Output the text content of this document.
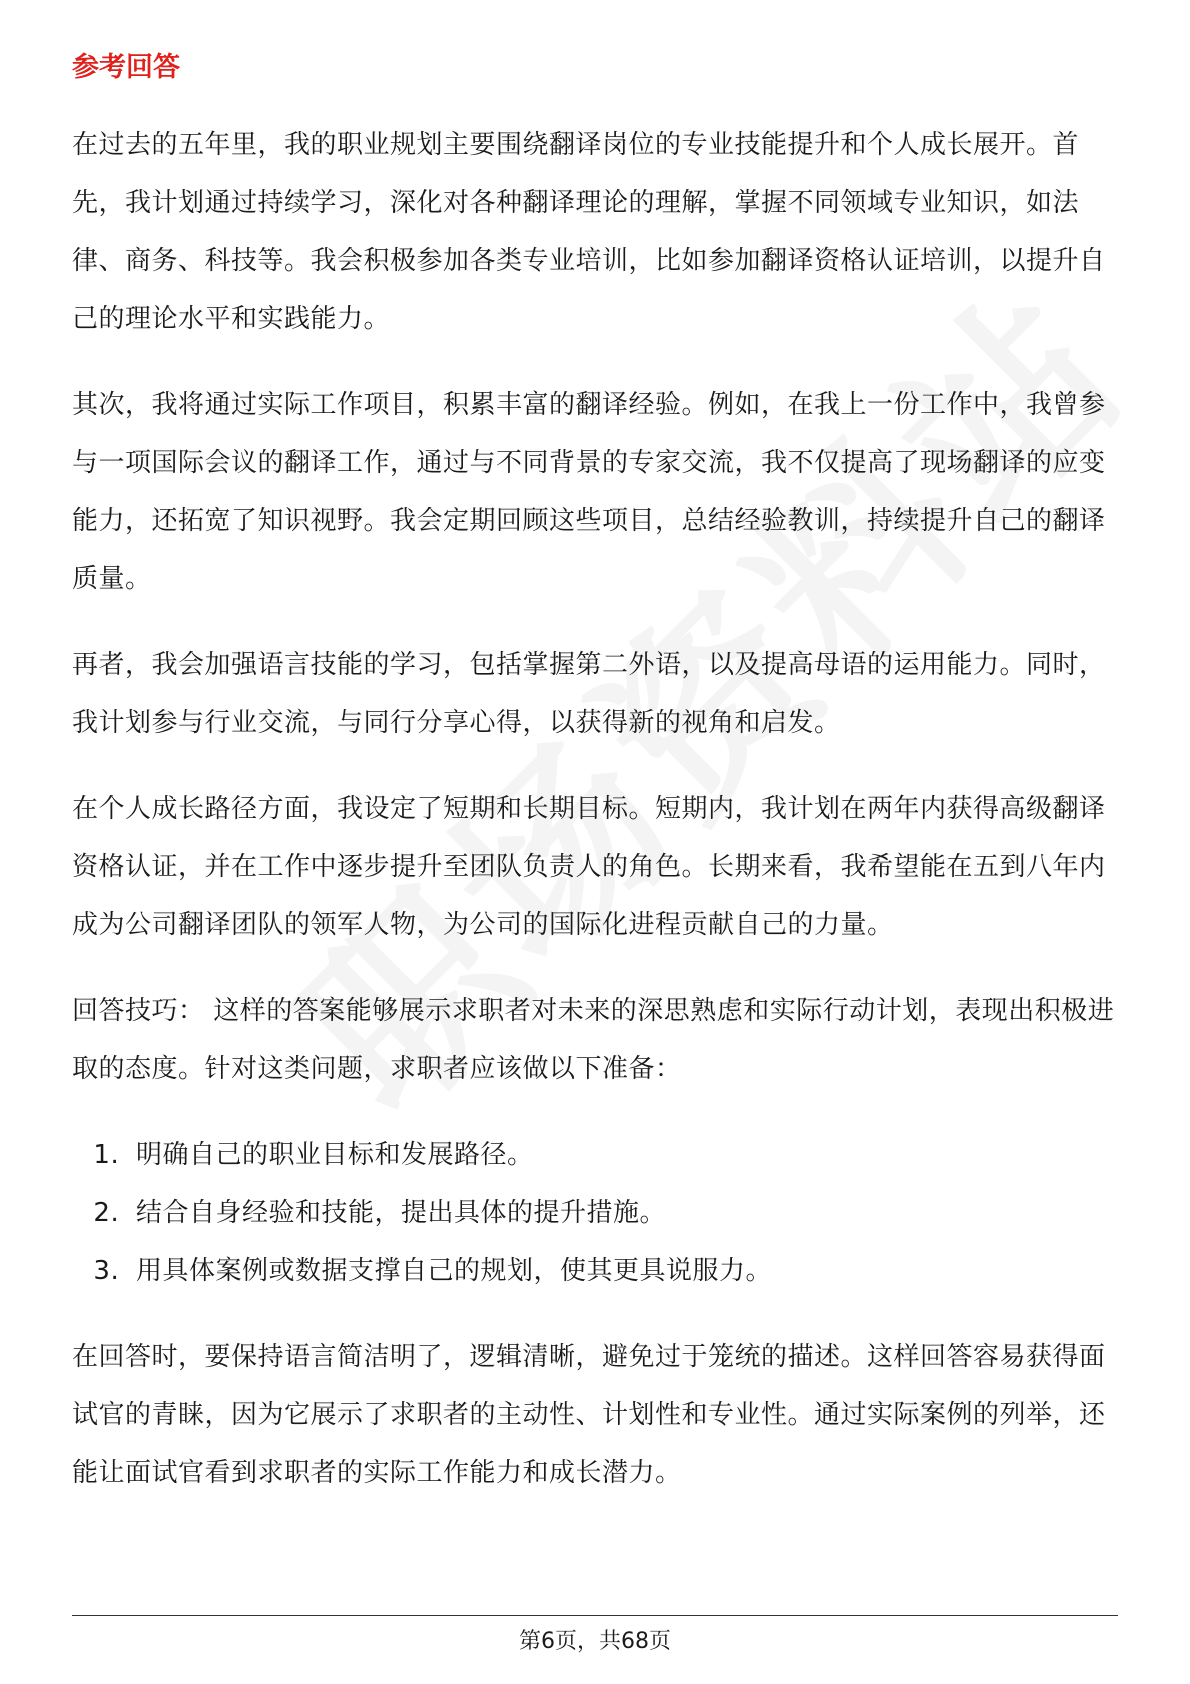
参考回答

在过去的五年里，我的职业规划主要围绕翻译岗位的专业技能提升和个人成长展开。首先，我计划通过持续学习，深化对各种翻译理论的理解，掌握不同领域专业知识，如法律、商务、科技等。我会积极参加各类专业培训，比如参加翻译资格认证培训，以提升自己的理论水平和实践能力。

其次，我将通过实际工作项目，积累丰富的翻译经验。例如，在我上一份工作中，我曾参与一项国际会议的翻译工作，通过与不同背景的专家交流，我不仅提高了现场翻译的应变能力，还拓宽了知识视野。我会定期回顾这些项目，总结经验教训，持续提升自己的翻译质量。

再者，我会加强语言技能的学习，包括掌握第二外语，以及提高母语的运用能力。同时，我计划参与行业交流，与同行分享心得，以获得新的视角和启发。

在个人成长路径方面，我设定了短期和长期目标。短期内，我计划在两年内获得高级翻译资格认证，并在工作中逐步提升至团队负责人的角色。长期来看，我希望能在五到八年内成为公司翻译团队的领军人物，为公司的国际化进程贡献自己的力量。

回答技巧： 这样的答案能够展示求职者对未来的深思熟虑和实际行动计划，表现出积极进取的态度。针对这类问题，求职者应该做以下准备：

1. 明确自己的职业目标和发展路径。
2. 结合自身经验和技能，提出具体的提升措施。
3. 用具体案例或数据支撑自己的规划，使其更具说服力。

在回答时，要保持语言简洁明了，逻辑清晰，避免过于笼统的描述。这样回答容易获得面试官的青睐，因为它展示了求职者的主动性、计划性和专业性。通过实际案例的列举，还能让面试官看到求职者的实际工作能力和成长潜力。

第6页，共68页
